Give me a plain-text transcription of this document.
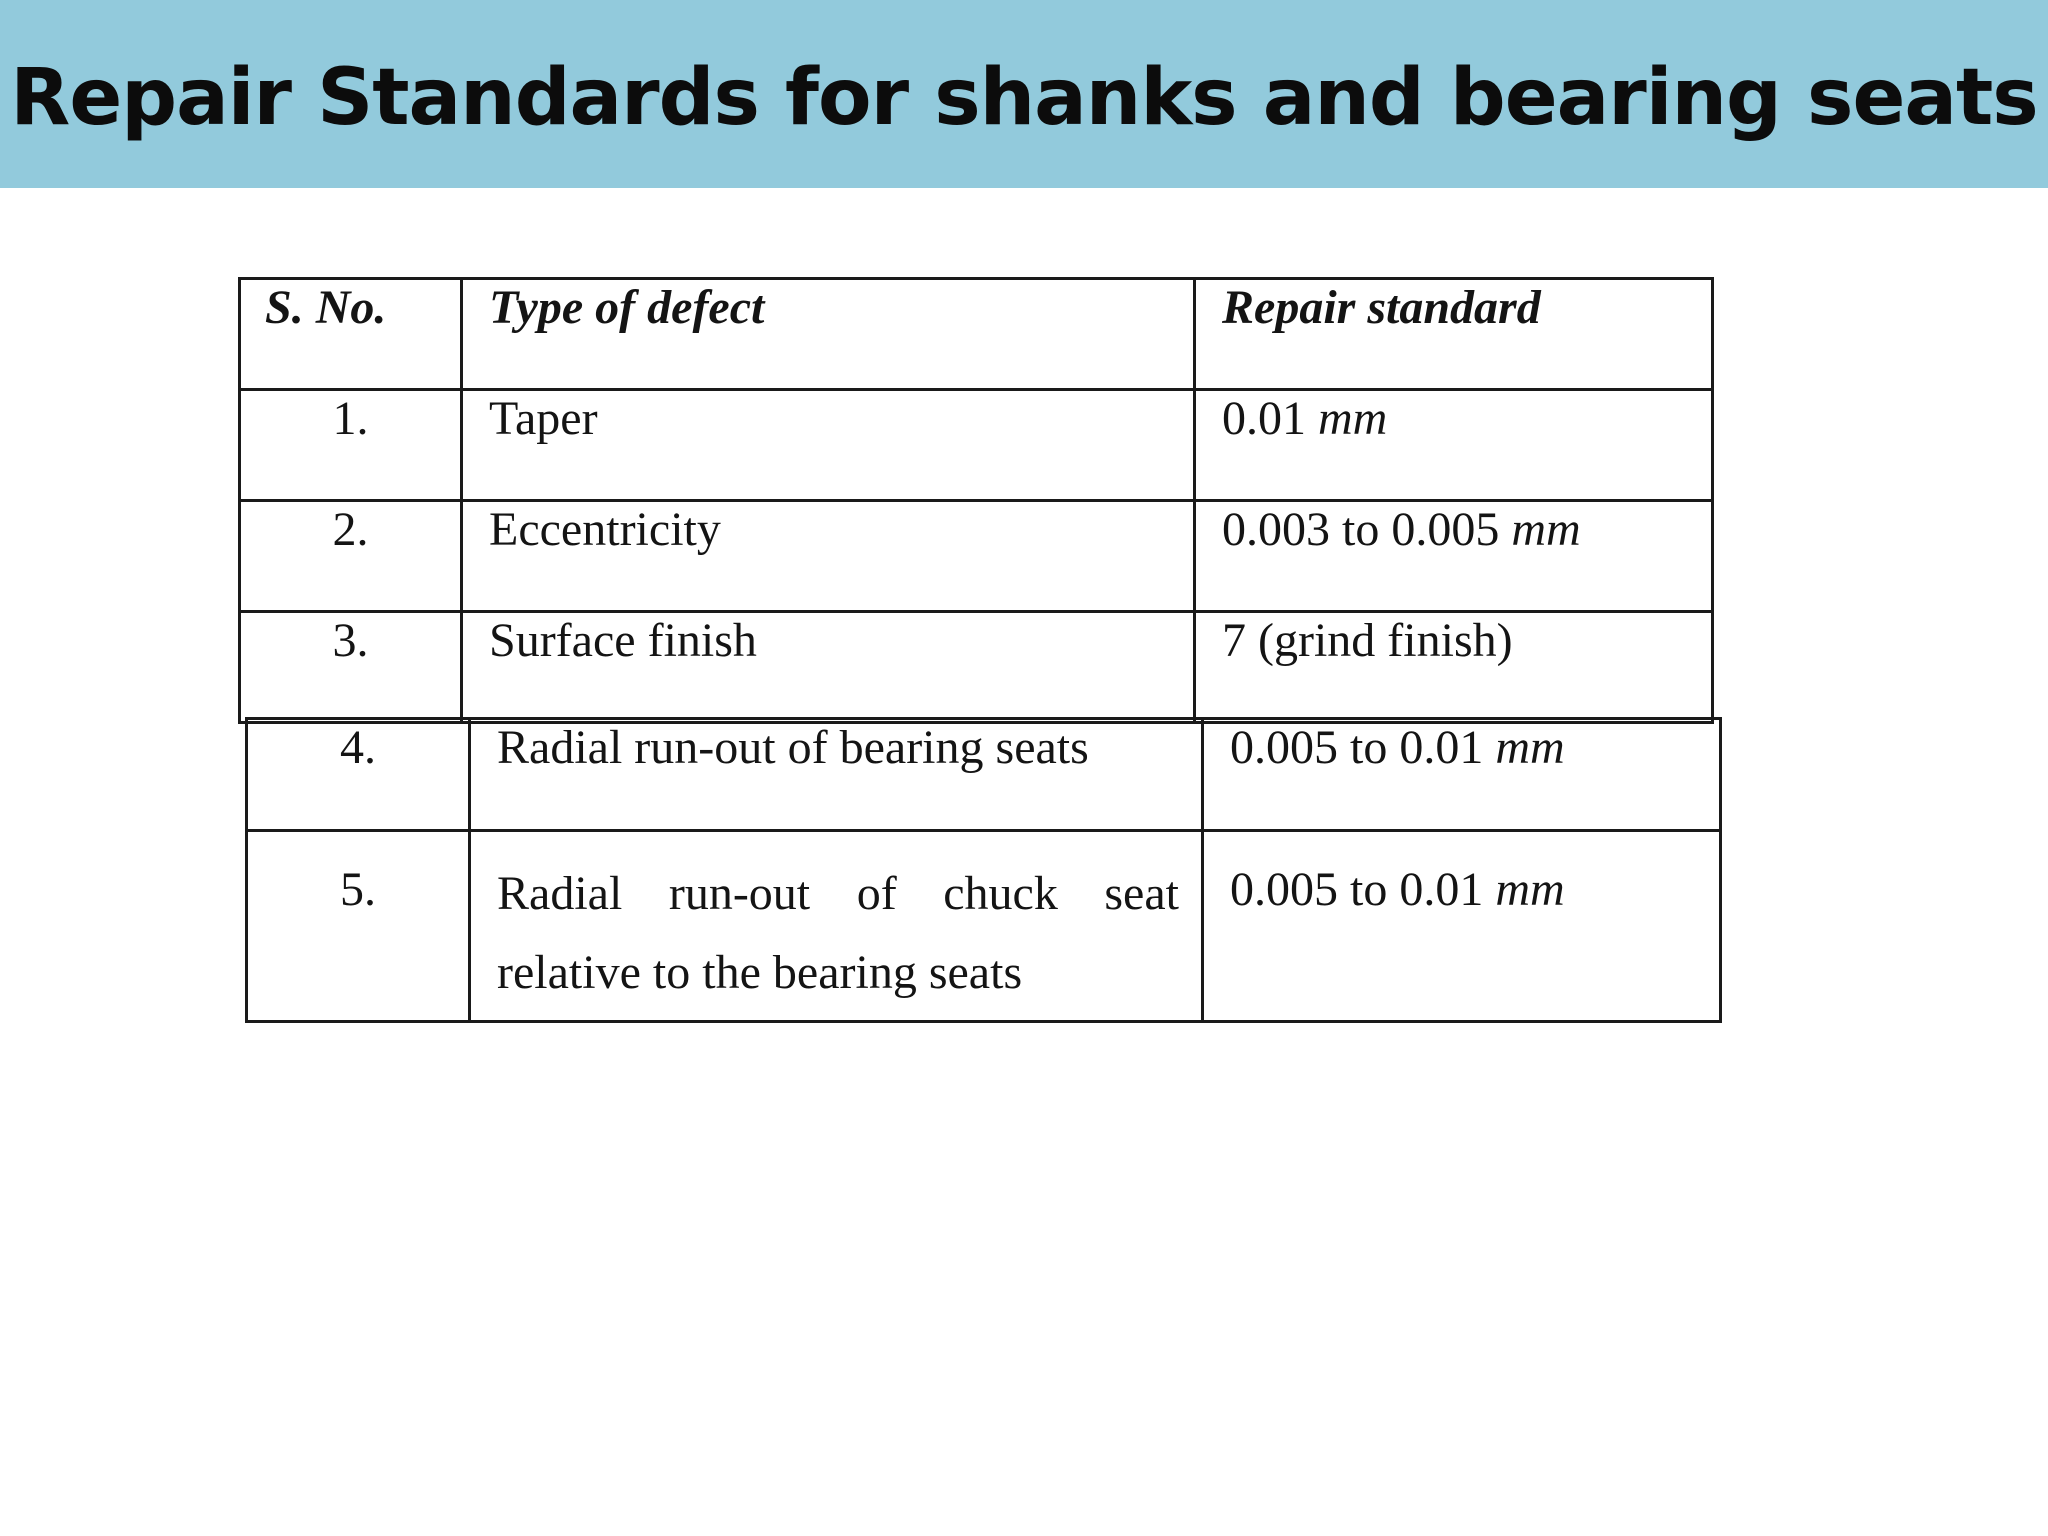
Repair Standards for shanks and bearing seats
S. No.	Type of defect	Repair standard
1.	Taper	0.01 mm
2.	Eccentricity	0.003 to 0.005 mm
3.	Surface finish	7 (grind finish)
4.	Radial run-out of bearing seats	0.005 to 0.01 mm
5.	Radial run-out of chuck seat relative to the bearing seats	0.005 to 0.01 mm
